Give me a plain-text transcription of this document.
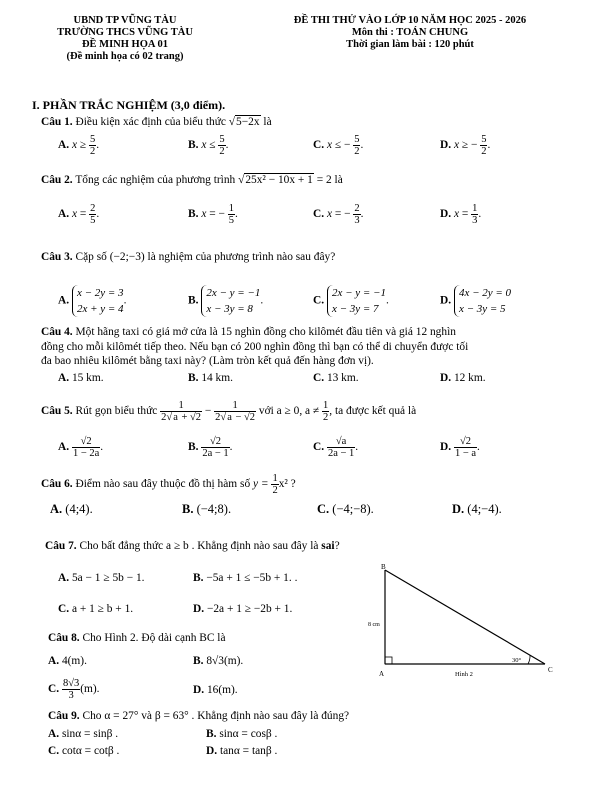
UBND TP VŨNG TÀU
TRƯỜNG THCS VŨNG TÀU
ĐỀ MINH HỌA 01
(Đề minh họa có 02 trang)
ĐỀ THI THỬ VÀO LỚP 10 NĂM HỌC 2025 - 2026
Môn thi : TOÁN CHUNG
Thời gian làm bài : 120 phút
I. PHẦN TRẮC NGHIỆM (3,0 điểm).
Câu 1. Điều kiện xác định của biểu thức √5−2x là
A. $x \ge \frac{5}{2}$ .	B. $x \le \frac{5}{2}$ .	C. x ≤ − $\frac{5}{2}$ .	D. x ≥ − $\frac{5}{2}$ .
Câu 2. Tổng các nghiệm của phương trình √25x² − 10x + 1 = 2 là
A. $x = \frac{2}{5}$ .	B. x = − $\frac{1}{5}$ .	C. x = − $\frac{2}{3}$ .	D. $x = \frac{1}{3}$ .
Câu 3. Cặp số (−2;−3) là nghiệm của phương trình nào sau đây?
A. x − 2y = 3
2x + y = 4.	B. 2x − y = −1
x − 3y = 8.	C. 2x − y = −1
x − 3y = 7.	D. 4x − 2y = 0
x − 3y = 5
Câu 4. Một hãng taxi có giá mở cửa là 15 nghìn đồng cho kilômét đầu tiên và giá 12 nghìn
đồng cho mỗi kilômét tiếp theo. Nếu bạn có 200 nghìn đồng thì bạn có thể di chuyển được tối
đa bao nhiêu kilômét bằng taxi này? (Làm tròn kết quả đến hàng đơn vị).
A. 15 km.	B. 14 km.	C. 13 km.	D. 12 km.
Câu 5. Rút gọn biểu thức $\frac{1}{2√a + √2} - \frac{1}{2√a - √2}$ với a ≥ 0, $a \ne \frac{1}{2}$ , ta được kết quả là
A. $\frac{√2}{1 - 2a}$ .	B. $\frac{√2}{2a - 1}$ .	C. $\frac{√a}{2a - 1}$ .	D. $\frac{√2}{1 - a}$ .
Câu 6. Điểm nào sau đây thuộc đồ thị hàm số $y = \frac{1}{2} x^2$ ?
A. (4;4).	B. (−4;8).	C. (−4;−8).	D. (4;−4).
Câu 7. Cho bất đẳng thức a ≥ b . Khẳng định nào sau đây là sai?
A. 5a − 1 ≥ 5b − 1.	B. −5a + 1 ≤ −5b + 1. .
C. a + 1 ≥ b + 1.	D. −2a + 1 ≥ −2b + 1.
Câu 8. Cho Hình 2. Độ dài cạnh BC là
A. 4(m).	B. 8√3(m).
C. $\frac{8√3}{3} (m)$.	D. 16(m).
Câu 9. Cho α = 27° và β = 63° . Khẳng định nào sau đây là đúng?
A. sinα = sinβ .	B. sinα = cosβ .
C. cotα = cotβ .	D. tanα = tanβ .
B
A	C
8 cm
30°
Hình 2
